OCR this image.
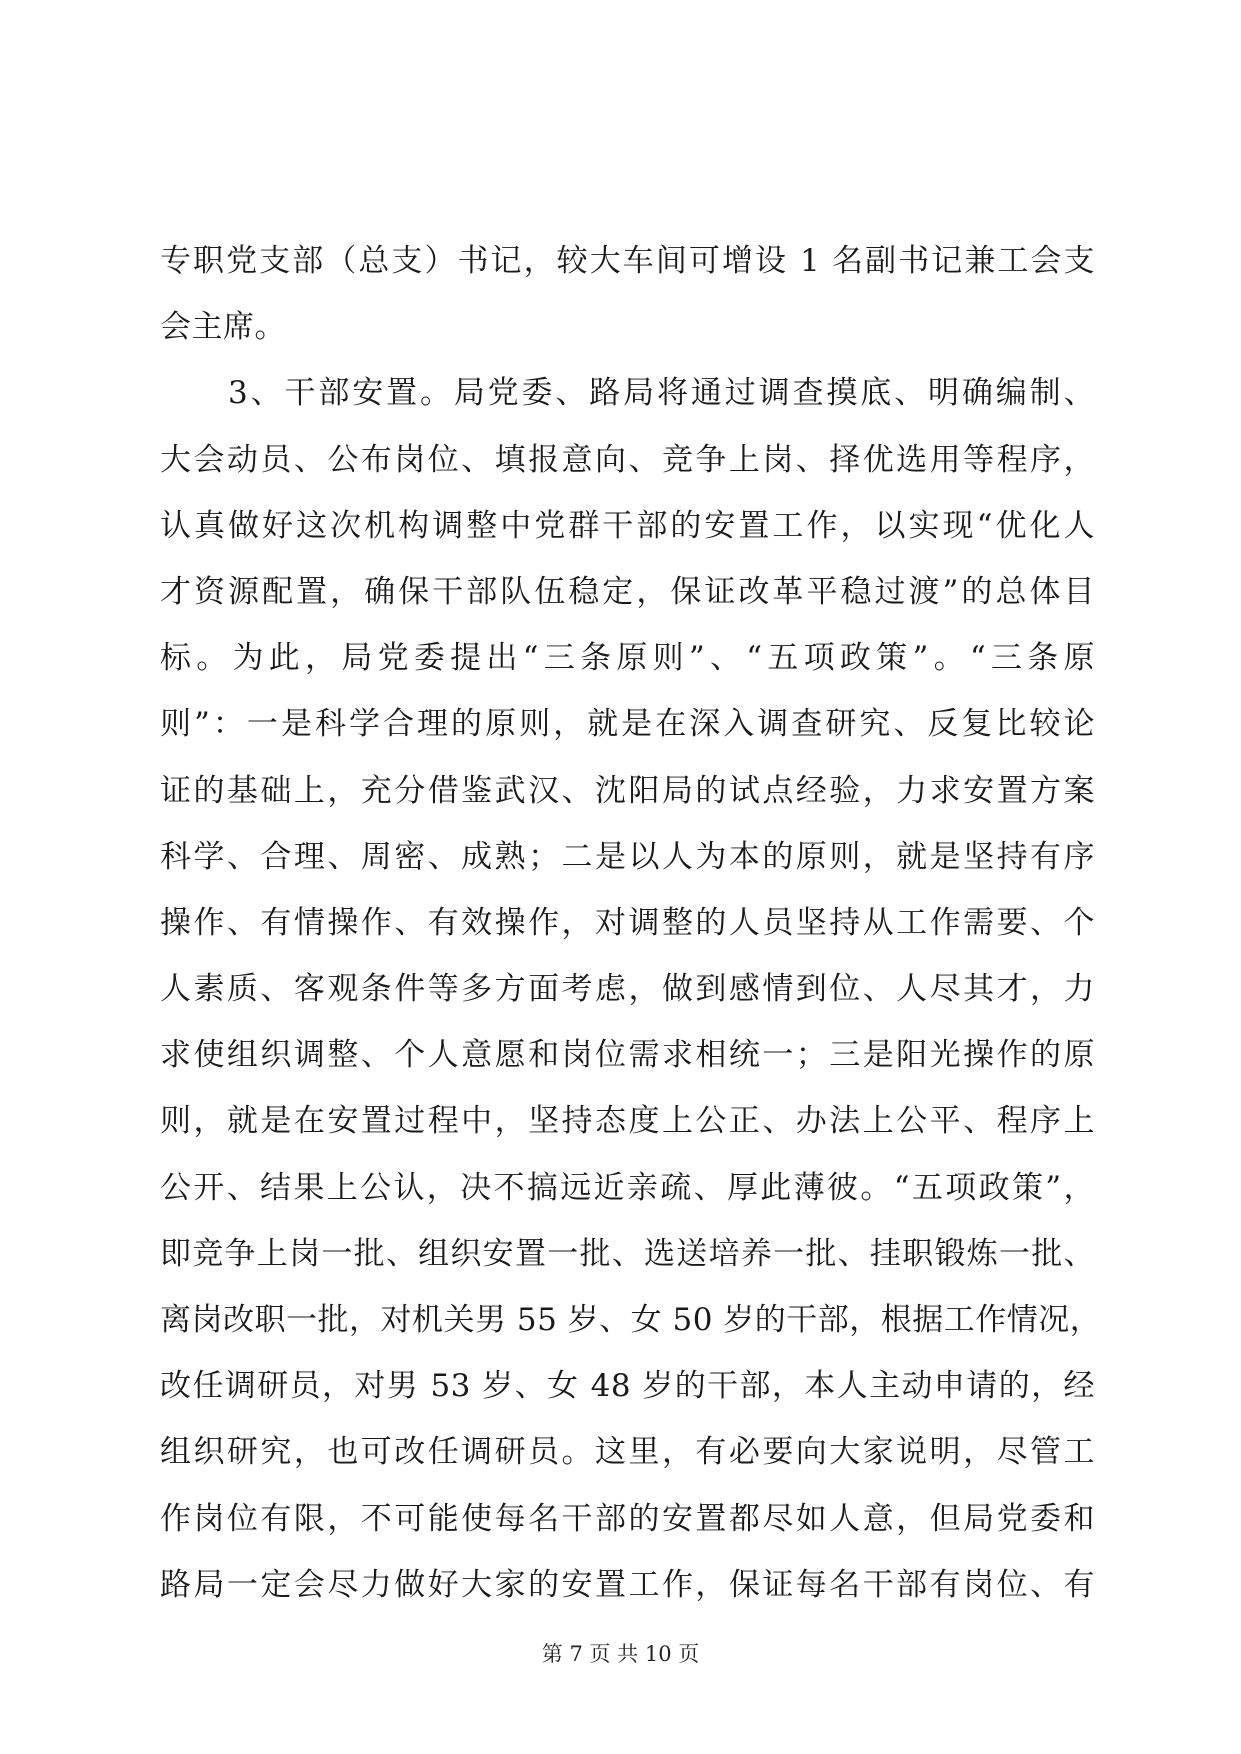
专职党支部（总支）书记，较大车间可增设 1 名副书记兼工会支
会主席。
3、干部安置。局党委、路局将通过调查摸底、明确编制、
大会动员、公布岗位、填报意向、竞争上岗、择优选用等程序，
认真做好这次机构调整中党群干部的安置工作，以实现“优化人
才资源配置，确保干部队伍稳定，保证改革平稳过渡”的总体目
标。为此，局党委提出“三条原则”、“五项政策”。“三条原
则”：一是科学合理的原则，就是在深入调查研究、反复比较论
证的基础上，充分借鉴武汉、沈阳局的试点经验，力求安置方案
科学、合理、周密、成熟；二是以人为本的原则，就是坚持有序
操作、有情操作、有效操作，对调整的人员坚持从工作需要、个
人素质、客观条件等多方面考虑，做到感情到位、人尽其才，力
求使组织调整、个人意愿和岗位需求相统一；三是阳光操作的原
则，就是在安置过程中，坚持态度上公正、办法上公平、程序上
公开、结果上公认，决不搞远近亲疏、厚此薄彼。“五项政策”，
即竞争上岗一批、组织安置一批、选送培养一批、挂职锻炼一批、
离岗改职一批，对机关男 55 岁、女 50 岁的干部，根据工作情况，
改任调研员，对男 53 岁、女 48 岁的干部，本人主动申请的，经
组织研究，也可改任调研员。这里，有必要向大家说明，尽管工
作岗位有限，不可能使每名干部的安置都尽如人意，但局党委和
路局一定会尽力做好大家的安置工作，保证每名干部有岗位、有
第 7 页 共 10 页
